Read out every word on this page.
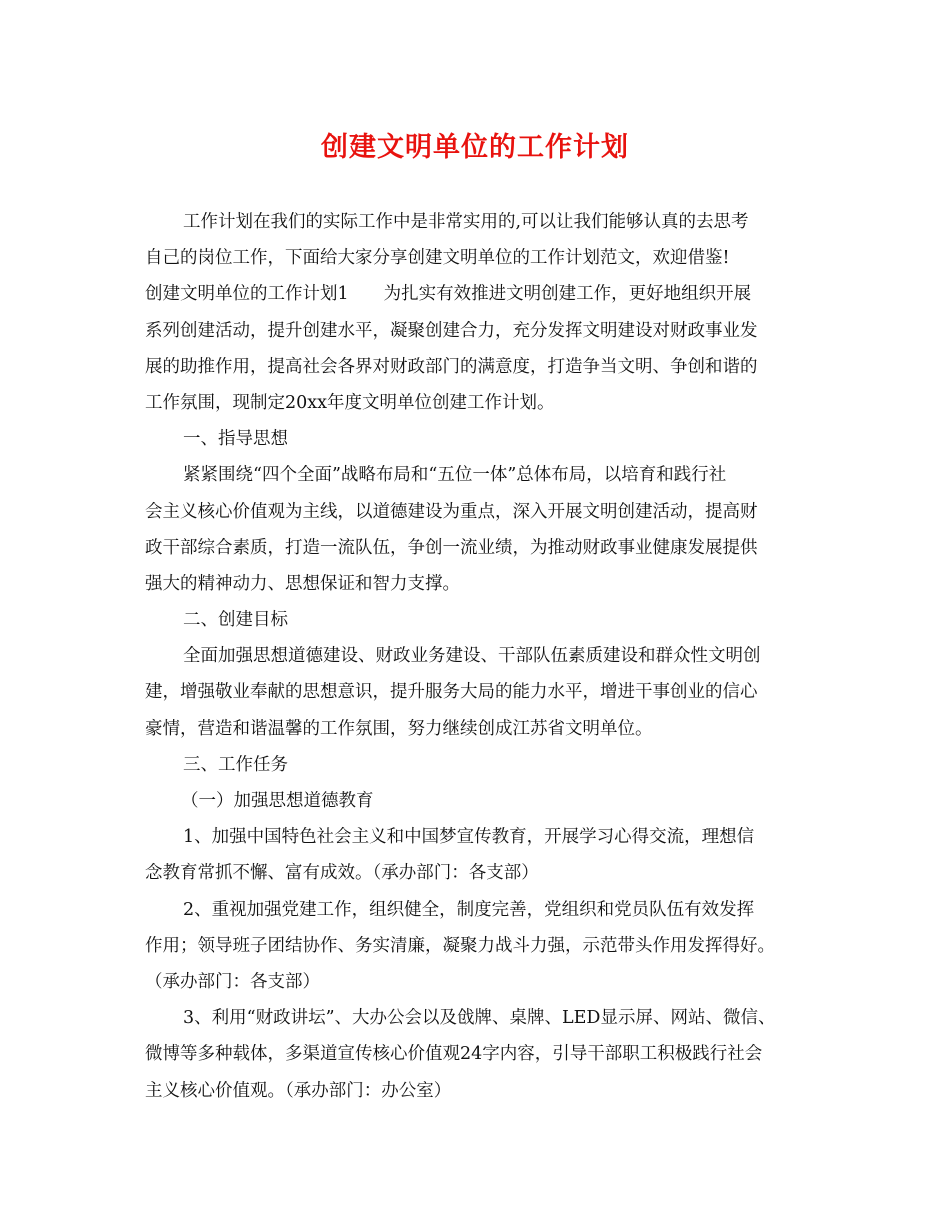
创建文明单位的工作计划
工作计划在我们的实际工作中是非常实用的,可以让我们能够认真的去思考
自己的岗位工作，下面给大家分享创建文明单位的工作计划范文，欢迎借鉴!
创建文明单位的工作计划1　　为扎实有效推进文明创建工作，更好地组织开展
系列创建活动，提升创建水平，凝聚创建合力，充分发挥文明建设对财政事业发
展的助推作用，提高社会各界对财政部门的满意度，打造争当文明、争创和谐的
工作氛围，现制定20xx年度文明单位创建工作计划。
一、指导思想
紧紧围绕“四个全面”战略布局和“五位一体”总体布局，以培育和践行社
会主义核心价值观为主线，以道德建设为重点，深入开展文明创建活动，提高财
政干部综合素质，打造一流队伍，争创一流业绩，为推动财政事业健康发展提供
强大的精神动力、思想保证和智力支撑。
二、创建目标
全面加强思想道德建设、财政业务建设、干部队伍素质建设和群众性文明创
建，增强敬业奉献的思想意识，提升服务大局的能力水平，增进干事创业的信心
豪情，营造和谐温馨的工作氛围，努力继续创成江苏省文明单位。
三、工作任务
（一）加强思想道德教育
1、加强中国特色社会主义和中国梦宣传教育，开展学习心得交流，理想信
念教育常抓不懈、富有成效。（承办部门：各支部）
2、重视加强党建工作，组织健全，制度完善，党组织和党员队伍有效发挥
作用；领导班子团结协作、务实清廉，凝聚力战斗力强，示范带头作用发挥得好。
（承办部门：各支部）
3、利用“财政讲坛”、大办公会以及戗牌、桌牌、LED显示屏、网站、微信、
微博等多种载体，多渠道宣传核心价值观24字内容，引导干部职工积极践行社会
主义核心价值观。（承办部门：办公室）
